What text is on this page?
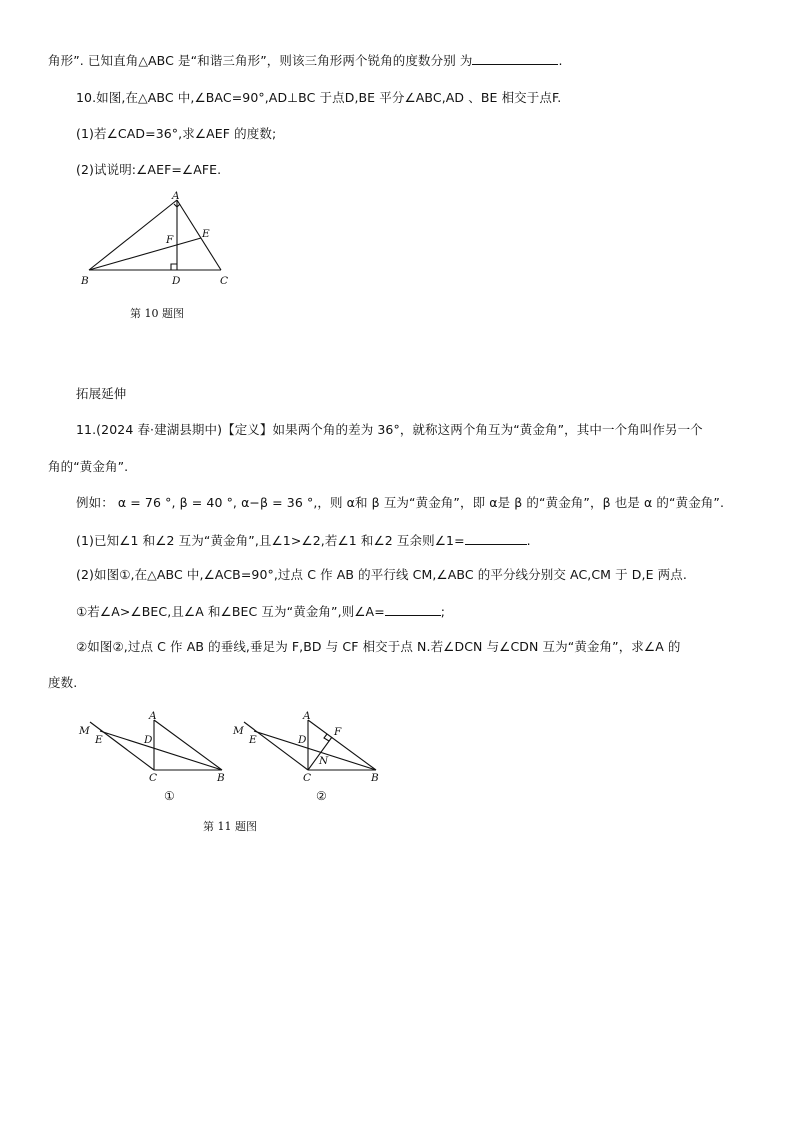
角形”. 已知直角△ABC 是“和谐三角形”，则该三角形两个锐角的度数分别 为	.
10.如图,在△ABC 中,∠BAC=90°,AD⊥BC 于点D,BE 平分∠ABC,AD 、BE 相交于点F.
(1)若∠CAD=36°,求∠AEF 的度数;
(2)试说明:∠AEF=∠AFE.
A
B	C
D
E
F
第 10 题图
拓展延伸
11.(2024 春·建湖县期中)【定义】如果两个角的差为 36°，就称这两个角互为“黄金角”，其中一个角叫作另一个
角的“黄金角”.
例如： α = 76 °, β = 40 °, α−β = 36 °,，则 α和 β 互为“黄金角”，即 α是 β 的“黄金角”，β 也是 α 的“黄金角”.
(1)已知∠1 和∠2 互为“黄金角”,且∠1>∠2,若∠1 和∠2 互余则∠1=	.
(2)如图①,在△ABC 中,∠ACB=90°,过点 C 作 AB 的平行线 CM,∠ABC 的平分线分别交 AC,CM 于 D,E 两点.
①若∠A>∠BEC,且∠A 和∠BEC 互为“黄金角”,则∠A=	;
②如图②,过点 C 作 AB 的垂线,垂足为 F,BD 与 CF 相交于点 N.若∠DCN 与∠CDN 互为“黄金角”，求∠A 的
度数.
A
B
C
D
E
M
①
A
B
C
D
E
M	F
N
②
第 11 题图
